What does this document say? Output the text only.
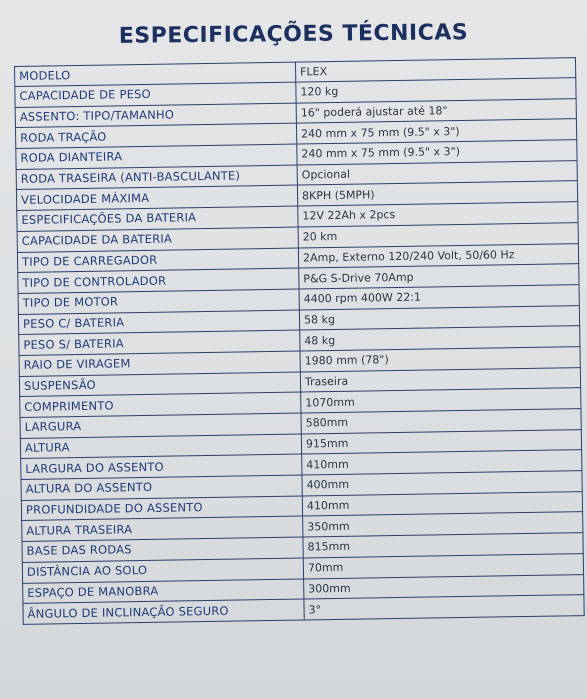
ESPECIFICAÇÕES TÉCNICAS
MODELO	FLEX
CAPACIDADE DE PESO	120 kg
ASSENTO: TIPO/TAMANHO	16" poderá ajustar até 18"
RODA TRAÇÃO	240 mm x 75 mm (9.5" x 3")
RODA DIANTEIRA	240 mm x 75 mm (9.5" x 3")
RODA TRASEIRA (ANTI-BASCULANTE)	Opcional
VELOCIDADE MÁXIMA	8KPH (5MPH)
ESPECIFICAÇÕES DA BATERIA	12V 22Ah x 2pcs
CAPACIDADE DA BATERIA	20 km
TIPO DE CARREGADOR	2Amp, Externo 120/240 Volt, 50/60 Hz
TIPO DE CONTROLADOR	P&G S-Drive 70Amp
TIPO DE MOTOR	4400 rpm 400W 22:1
PESO C/ BATERIA	58 kg
PESO S/ BATERIA	48 kg
RAIO DE VIRAGEM	1980 mm (78")
SUSPENSÃO	Traseira
COMPRIMENTO	1070mm
LARGURA	580mm
ALTURA	915mm
LARGURA DO ASSENTO	410mm
ALTURA DO ASSENTO	400mm
PROFUNDIDADE DO ASSENTO	410mm
ALTURA TRASEIRA	350mm
BASE DAS RODAS	815mm
DISTÂNCIA AO SOLO	70mm
ESPAÇO DE MANOBRA	300mm
ÂNGULO DE INCLINAÇÃO SEGURO	3°
